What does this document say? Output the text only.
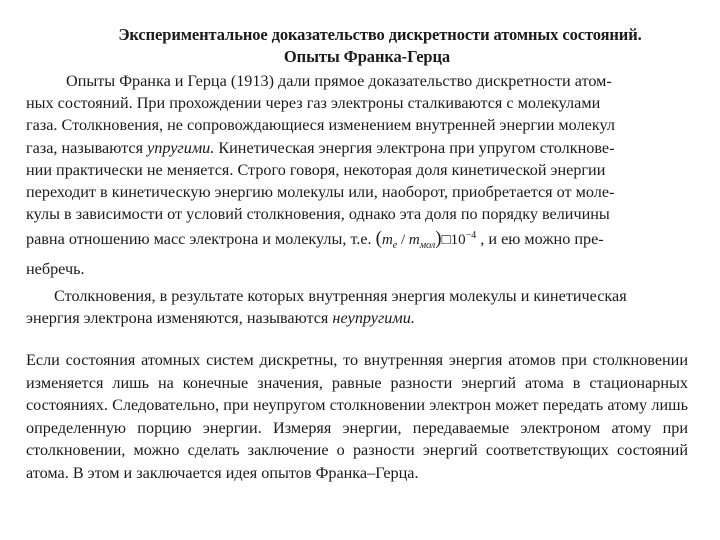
Экспериментальное доказательство дискретности атомных состояний.
Опыты Франка-Герца
Опыты Франка и Герца (1913) дали прямое доказательство дискретности атом-
ных состояний. При прохождении через газ электроны сталкиваются с молекулами
газа. Столкновения, не сопровождающиеся изменением внутренней энергии молекул
газа, называются упругими. Кинетическая энергия электрона при упругом столкнове-
нии практически не меняется. Строго говоря, некоторая доля кинетической энергии
переходит в кинетическую энергию молекулы или, наоборот, приобретается от моле-
кулы в зависимости от условий столкновения, однако эта доля по порядку величины
равна отношению масс электрона и молекулы, т.е. ($m_e$ / $m_{мол})□10^{-4}$ , и ею можно пре-
небречь.
Столкновения, в результате которых внутренняя энергия молекулы и кинетическая
энергия электрона изменяются, называются неупругими.
Если состояния атомных систем дискретны, то внутренняя энергия атомов при столкновении изменяется лишь на конечные значения, равные разности энергий атома в стационарных состояниях. Следовательно, при неупругом столкновении электрон может передать атому лишь определенную порцию энергии. Измеряя энергии, передаваемые электроном атому при столкновении, можно сделать заключение о разности энергий соответствующих состояний атома. В этом и заключается идея опытов Франка–Герца.
